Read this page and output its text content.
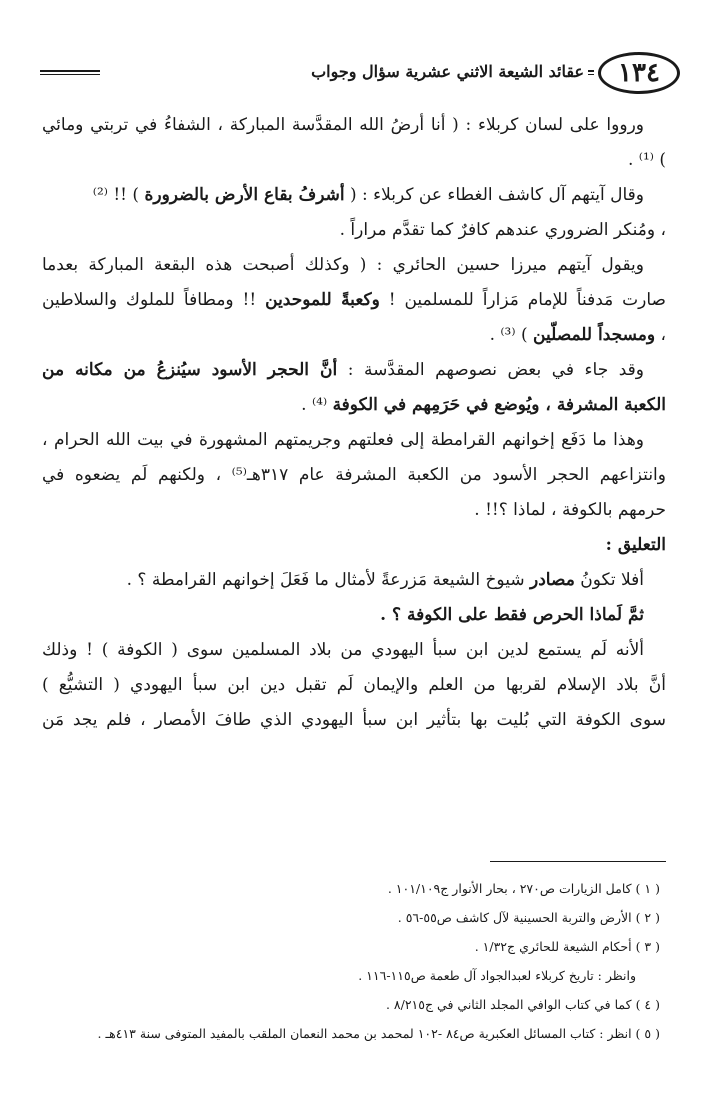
١٣٤
عقائد الشيعة الاثني عشرية سؤال وجواب
ورووا على لسان كربلاء : ( أنا أرضُ الله المقدَّسة المباركة ، الشفاءُ في تربتي ومائي
) ⁽¹⁾ .
وقال آيتهم آل كاشف الغطاء عن كربلاء : ( أشرفُ بقاع الأرض بالضرورة ) !! ⁽²⁾
، ومُنكر الضروري عندهم كافرٌ كما تقدَّم مراراً .
ويقول آيتهم ميرزا حسين الحائري : ( وكذلك أصبحت هذه البقعة المباركة بعدما
صارت مَدفناً للإمام مَزاراً للمسلمين ! وكعبةً للموحدين !! ومطافاً للملوك والسلاطين
، ومسجداً للمصلّين ) ⁽³⁾ .
وقد جاء في بعض نصوصهم المقدَّسة : أنَّ الحجر الأسود سيُنزعُ من مكانه من
الكعبة المشرفة ، ويُوضع في حَرَمِهم في الكوفة ⁽⁴⁾ .
وهذا ما دَفَع إخوانهم القرامطة إلى فعلتهم وجريمتهم المشهورة في بيت الله الحرام ،
وانتزاعهم الحجر الأسود من الكعبة المشرفة عام ٣١٧هـ⁽⁵⁾ ، ولكنهم لَم يضعوه في
حرمهم بالكوفة ، لماذا ؟!! .
التعليق :
أفلا تكونُ مصادر شيوخ الشيعة مَزرعةً لأمثال ما فَعَلَ إخوانهم القرامطة ؟ .
ثمَّ لَماذا الحرص فقط على الكوفة ؟ .
ألأنه لَم يستمع لدين ابن سبأ اليهودي من بلاد المسلمين سوى ( الكوفة ) ! وذلك
أنَّ بلاد الإسلام لقربها من العلم والإيمان لَم تقبل دين ابن سبأ اليهودي ( التشيُّع )
سوى الكوفة التي بُليت بها بتأثير ابن سبأ اليهودي الذي طافَ الأمصار ، فلم يجد مَن
( ١ ) كامل الزيارات ص٢٧٠ ، بحار الأنوار ج١٠١/١٠٩ .
( ٢ ) الأرض والتربة الحسينية لآل كاشف ص٥٥-٥٦ .
( ٣ ) أحكام الشيعة للحائري ج١/٣٢ .
وانظر : تاريخ كربلاء لعبدالجواد آل طعمة ص١١٥-١١٦ .
( ٤ ) كما في كتاب الوافي المجلد الثاني في ج٨/٢١٥ .
( ٥ ) انظر : كتاب المسائل العكبرية ص٨٤ -١٠٢ لمحمد بن محمد النعمان الملقب بالمفيد المتوفى سنة ٤١٣هـ .
